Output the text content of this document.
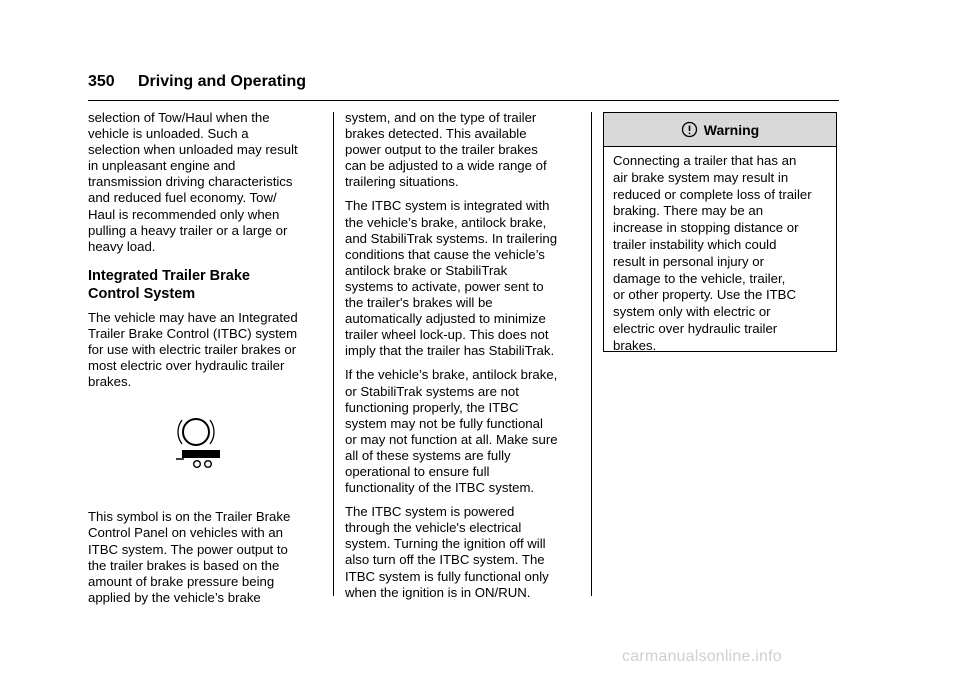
350 Driving and Operating
selection of Tow/Haul when the
vehicle is unloaded. Such a
selection when unloaded may result
in unpleasant engine and
transmission driving characteristics
and reduced fuel economy. Tow/
Haul is recommended only when
pulling a heavy trailer or a large or
heavy load.
Integrated Trailer Brake
Control System
The vehicle may have an Integrated
Trailer Brake Control (ITBC) system
for use with electric trailer brakes or
most electric over hydraulic trailer
brakes.
This symbol is on the Trailer Brake
Control Panel on vehicles with an
ITBC system. The power output to
the trailer brakes is based on the
amount of brake pressure being
applied by the vehicle’s brake
system, and on the type of trailer
brakes detected. This available
power output to the trailer brakes
can be adjusted to a wide range of
trailering situations.
The ITBC system is integrated with
the vehicle’s brake, antilock brake,
and StabiliTrak systems. In trailering
conditions that cause the vehicle’s
antilock brake or StabiliTrak
systems to activate, power sent to
the trailer's brakes will be
automatically adjusted to minimize
trailer wheel lock-up. This does not
imply that the trailer has StabiliTrak.
If the vehicle’s brake, antilock brake,
or StabiliTrak systems are not
functioning properly, the ITBC
system may not be fully functional
or may not function at all. Make sure
all of these systems are fully
operational to ensure full
functionality of the ITBC system.
The ITBC system is powered
through the vehicle's electrical
system. Turning the ignition off will
also turn off the ITBC system. The
ITBC system is fully functional only
when the ignition is in ON/RUN.
Warning
Connecting a trailer that has an
air brake system may result in
reduced or complete loss of trailer
braking. There may be an
increase in stopping distance or
trailer instability which could
result in personal injury or
damage to the vehicle, trailer,
or other property. Use the ITBC
system only with electric or
electric over hydraulic trailer
brakes.
carmanualsonline.info
